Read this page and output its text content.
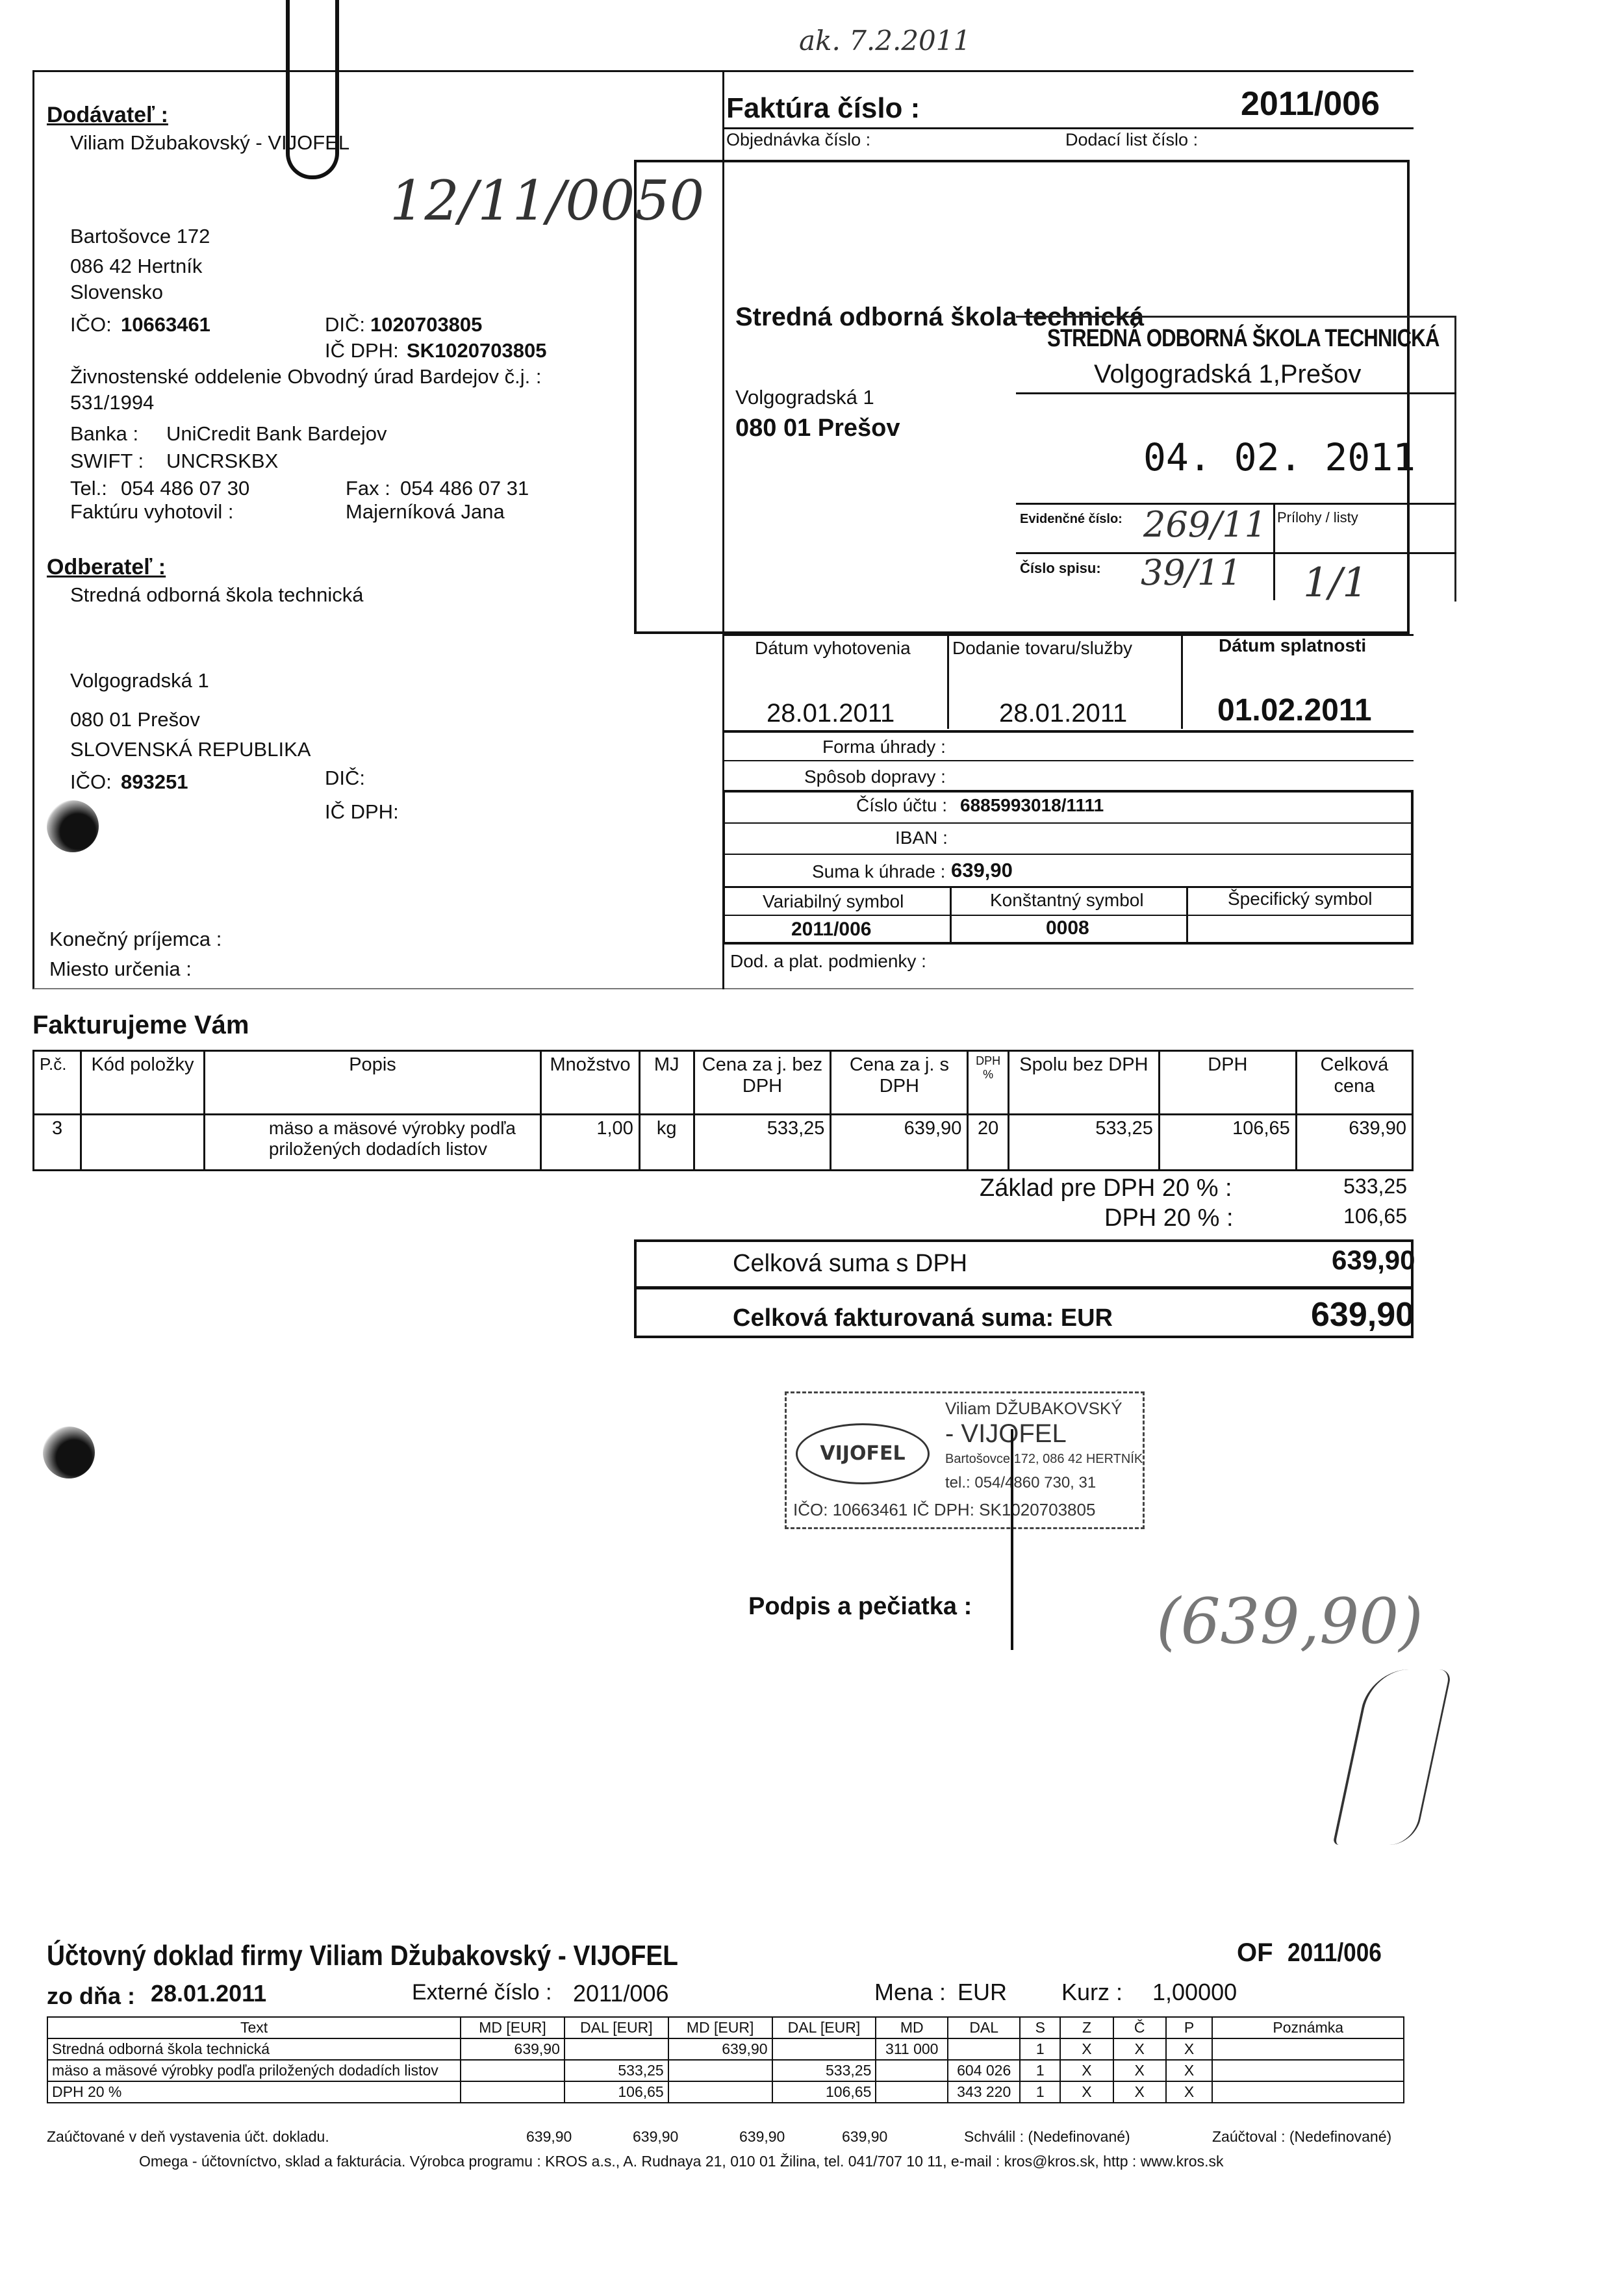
ak. 7.2.2011
Dodávateľ :
Viliam Džubakovský - VIJOFEL
12/11/0050
Bartošovce 172
086 42 Hertník
Slovensko
IČO: 10663461	DIČ: 1020703805
IČ DPH: SK1020703805
Živnostenské oddelenie Obvodný úrad Bardejov č.j. :
531/1994
Banka : UniCredit Bank Bardejov
SWIFT : UNCRSKBX
Tel.: 054 486 07 30	Fax : 054 486 07 31
Faktúru vyhotovil :	Majerníková Jana
Odberateľ :
Stredná odborná škola technická
Volgogradská 1
080 01 Prešov
SLOVENSKÁ REPUBLIKA
IČO: 893251	DIČ:
IČ DPH:
Konečný príjemca :
Miesto určenia :
Faktúra číslo :	2011/006
Objednávka číslo :	Dodací list číslo :
Stredná odborná škola technická
Volgogradská 1
080 01 Prešov
STREDNÁ ODBORNÁ ŠKOLA TECHNICKÁ
Volgogradská 1,Prešov
04. 02. 2011
Evidenčné číslo: 269/11 Prílohy / listy
Číslo spisu: 39/11 1/1
Dátum vyhotovenia Dodanie tovaru/služby	Dátum splatnosti
28.01.2011	28.01.2011	01.02.2011
Forma úhrady :
Spôsob dopravy :
Číslo účtu : 6885993018/1111
IBAN :
Suma k úhrade : 639,90
Variabilný symbol	Konštantný symbol	Špecifický symbol
2011/006	0008
Dod. a plat. podmienky :
Fakturujeme Vám
P.č.	Kód položky	Popis	Množstvo	MJ	Cena za j. bez DPH	Cena za j. s DPH	DPH %	Spolu bez DPH	DPH	Celková cena
3		mäso a mäsové výrobky podľa
priložených dodadích listov	1,00	kg	533,25	639,90	20	533,25	106,65	639,90
Základ pre DPH 20 % :	533,25
DPH 20 % :	106,65
Celková suma s DPH	639,90
Celková fakturovaná suma: EUR	639,90
Viliam DŽUBAKOVSKÝ
VIJOFEL
- VIJOFEL
Bartošovce 172, 086 42 HERTNÍK
tel.: 054/4860 730, 31
IČO: 10663461 IČ DPH: SK1020703805
Podpis a pečiatka :	(639,90)
Účtovný doklad firmy Viliam Džubakovský - VIJOFEL	OF 2011/006
zo dňa : 28.01.2011	Externé číslo : 2011/006	Mena : EUR Kurz : 1,00000
Text	MD [EUR]	DAL [EUR]	MD [EUR]	DAL [EUR]	MD	DAL	S	Z	Č	P	Poznámka
Stredná odborná škola technická	639,90		639,90		311 000		1	X	X	X	
mäso a mäsové výrobky podľa priložených dodadích listov		533,25		533,25		604 026	1	X	X	X	
DPH 20 %		106,65		106,65		343 220	1	X	X	X	
Zaúčtované v deň vystavenia účt. dokladu.	639,90	639,90	639,90	639,90	Schválil : (Nedefinované)	Zaúčtoval : (Nedefinované)
Omega - účtovníctvo, sklad a fakturácia. Výrobca programu : KROS a.s., A. Rudnaya 21, 010 01 Žilina, tel. 041/707 10 11, e-mail : kros@kros.sk, http : www.kros.sk
